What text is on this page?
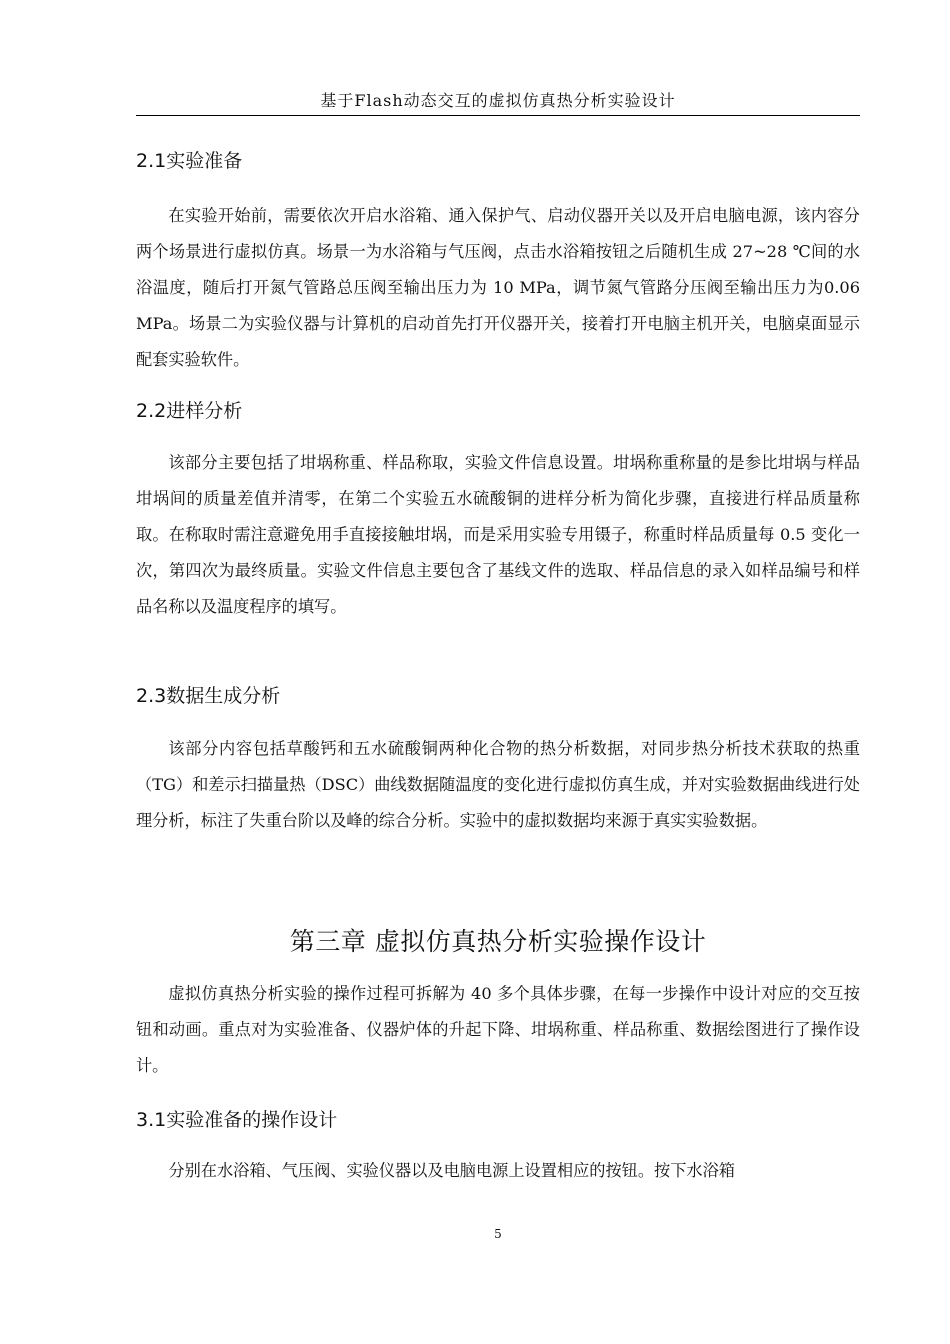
基于Flash动态交互的虚拟仿真热分析实验设计
2.1实验准备

在实验开始前，需要依次开启水浴箱、通入保护气、启动仪器开关以及开启电脑电源，该内容分两个场景进行虚拟仿真。场景一为水浴箱与气压阀，点击水浴箱按钮之后随机生成 27~28 ℃间的水浴温度，随后打开氮气管路总压阀至输出压力为 10 MPa，调节氮气管路分压阀至输出压力为0.06 MPa。场景二为实验仪器与计算机的启动首先打开仪器开关，接着打开电脑主机开关，电脑桌面显示配套实验软件。

2.2进样分析

该部分主要包括了坩埚称重、样品称取，实验文件信息设置。坩埚称重称量的是参比坩埚与样品坩埚间的质量差值并清零，在第二个实验五水硫酸铜的进样分析为简化步骤，直接进行样品质量称取。在称取时需注意避免用手直接接触坩埚，而是采用实验专用镊子，称重时样品质量每 0.5 变化一次，第四次为最终质量。实验文件信息主要包含了基线文件的选取、样品信息的录入如样品编号和样品名称以及温度程序的填写。

2.3数据生成分析

该部分内容包括草酸钙和五水硫酸铜两种化合物的热分析数据，对同步热分析技术获取的热重（TG）和差示扫描量热（DSC）曲线数据随温度的变化进行虚拟仿真生成，并对实验数据曲线进行处理分析，标注了失重台阶以及峰的综合分析。实验中的虚拟数据均来源于真实实验数据。

第三章 虚拟仿真热分析实验操作设计

虚拟仿真热分析实验的操作过程可拆解为 40 多个具体步骤，在每一步操作中设计对应的交互按钮和动画。重点对为实验准备、仪器炉体的升起下降、坩埚称重、样品称重、数据绘图进行了操作设计。

3.1实验准备的操作设计

分别在水浴箱、气压阀、实验仪器以及电脑电源上设置相应的按钮。按下水浴箱

5
